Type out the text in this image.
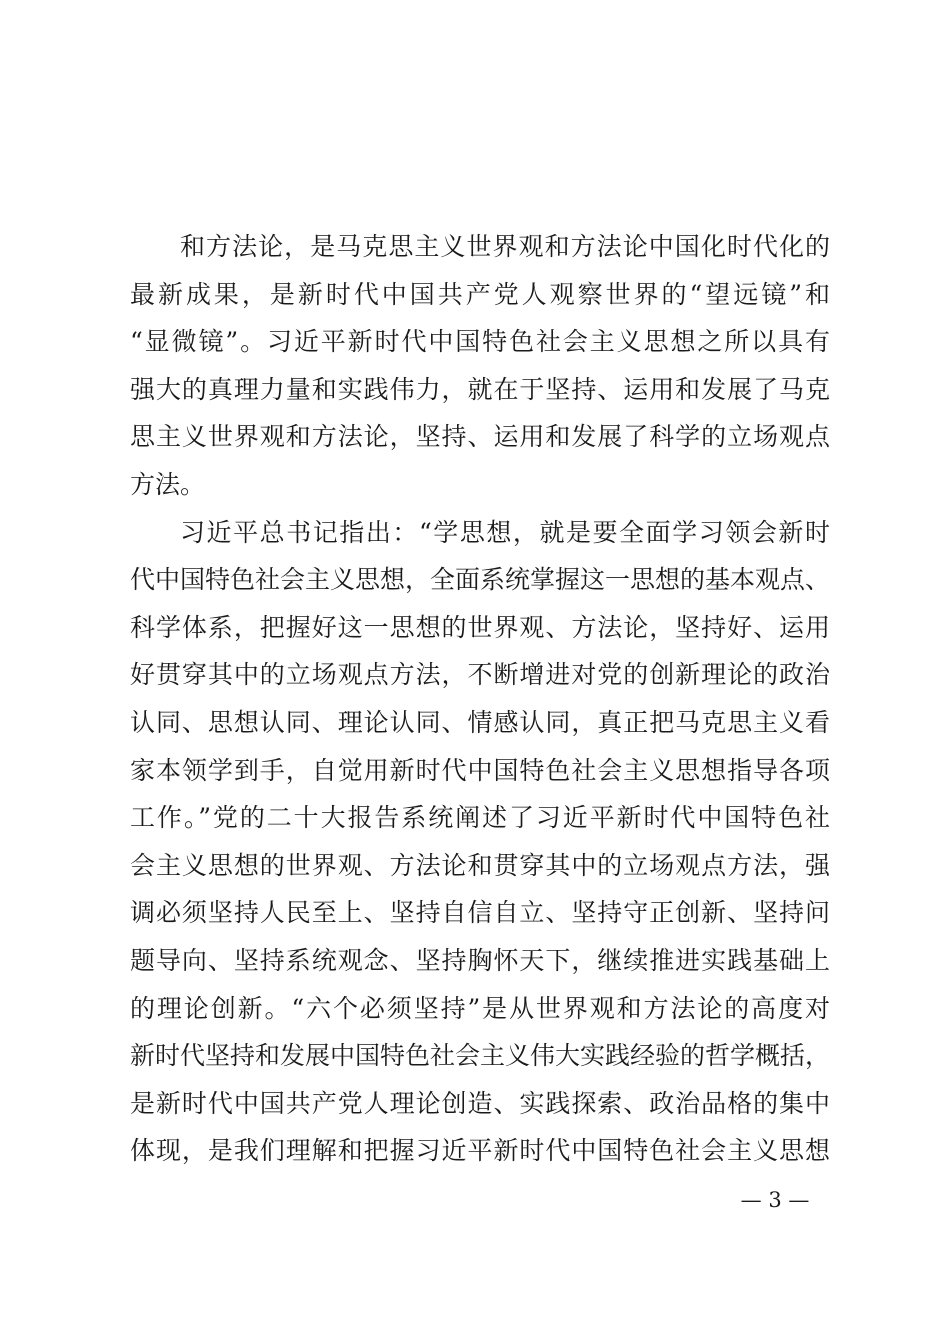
和方法论，是马克思主义世界观和方法论中国化时代化的
最新成果，是新时代中国共产党人观察世界的“望远镜”和
“显微镜”。习近平新时代中国特色社会主义思想之所以具有
强大的真理力量和实践伟力，就在于坚持、运用和发展了马克
思主义世界观和方法论，坚持、运用和发展了科学的立场观点
方法。
习近平总书记指出：“学思想，就是要全面学习领会新时
代中国特色社会主义思想，全面系统掌握这一思想的基本观点、
科学体系，把握好这一思想的世界观、方法论，坚持好、运用
好贯穿其中的立场观点方法，不断增进对党的创新理论的政治
认同、思想认同、理论认同、情感认同，真正把马克思主义看
家本领学到手，自觉用新时代中国特色社会主义思想指导各项
工作。”党的二十大报告系统阐述了习近平新时代中国特色社
会主义思想的世界观、方法论和贯穿其中的立场观点方法，强
调必须坚持人民至上、坚持自信自立、坚持守正创新、坚持问
题导向、坚持系统观念、坚持胸怀天下，继续推进实践基础上
的理论创新。“六个必须坚持”是从世界观和方法论的高度对
新时代坚持和发展中国特色社会主义伟大实践经验的哲学概括，
是新时代中国共产党人理论创造、实践探索、政治品格的集中
体现，是我们理解和把握习近平新时代中国特色社会主义思想
— 3 —
